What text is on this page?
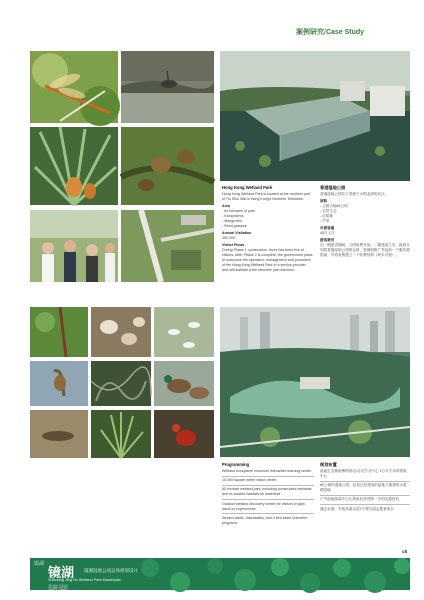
案例研究/Case Study
Hong Kong Wetland Park

Hong Kong Wetland Park is located at the northern part of Tin Shui Wai in Hong Kong's Northern Territories.

Area
- 64 hectares of park
- Ecosystems
- Mangroves
- Reed grasses
Annual Visitation
450,000
Visitor Flows

During Phase 1 construction, there has been five of visitors. After Phase 2 is complete, the government plans to outsource the operation, management and promotion of the Hong Kong Wetland Park to a service provider, who will institute a fee structure just unknown.

香港湿地公园

香港湿地公园位于香港天水围北部的北区。

面积
- 公园占地64公顷
- 自然生态
- 红树林
- 芦苇
年游客量
45万人次
游客费用

在一期建设期间，公园免费开放。二期建成之后，政府计划将香港湿地公园的运营、管理和推广外包给一个服务提供商，并将收费建立一个收费结构（尚未可知）。

Programming
Wetland ecosystem museum/ interactive learning center
10,000 square meter visitor center
60-hectare wetland park, including constructed wetlands and re-created habitats for waterfowl
Outdoor wetland discovery center for visitors to gain hand-on experiences
Stream walks, boardwalks, and 3 bird hides Volunteer programs
规划布置
湿地生态系统博物馆/互动式学习中心 1万平方米的游客中心
60公顷的湿地公园，包括已经建成的湿地与重建的水禽栖息地
户外湿地探索中心让游客们获得第一手的实践经验
溪边步道、木栈步道以及3个观鸟屋志愿者项目
c8
镜湖
镜湖 镜湖湿地公园总体规划设计
Shaoxing Jing Hu Wetland Park Masterplan
镜湖
